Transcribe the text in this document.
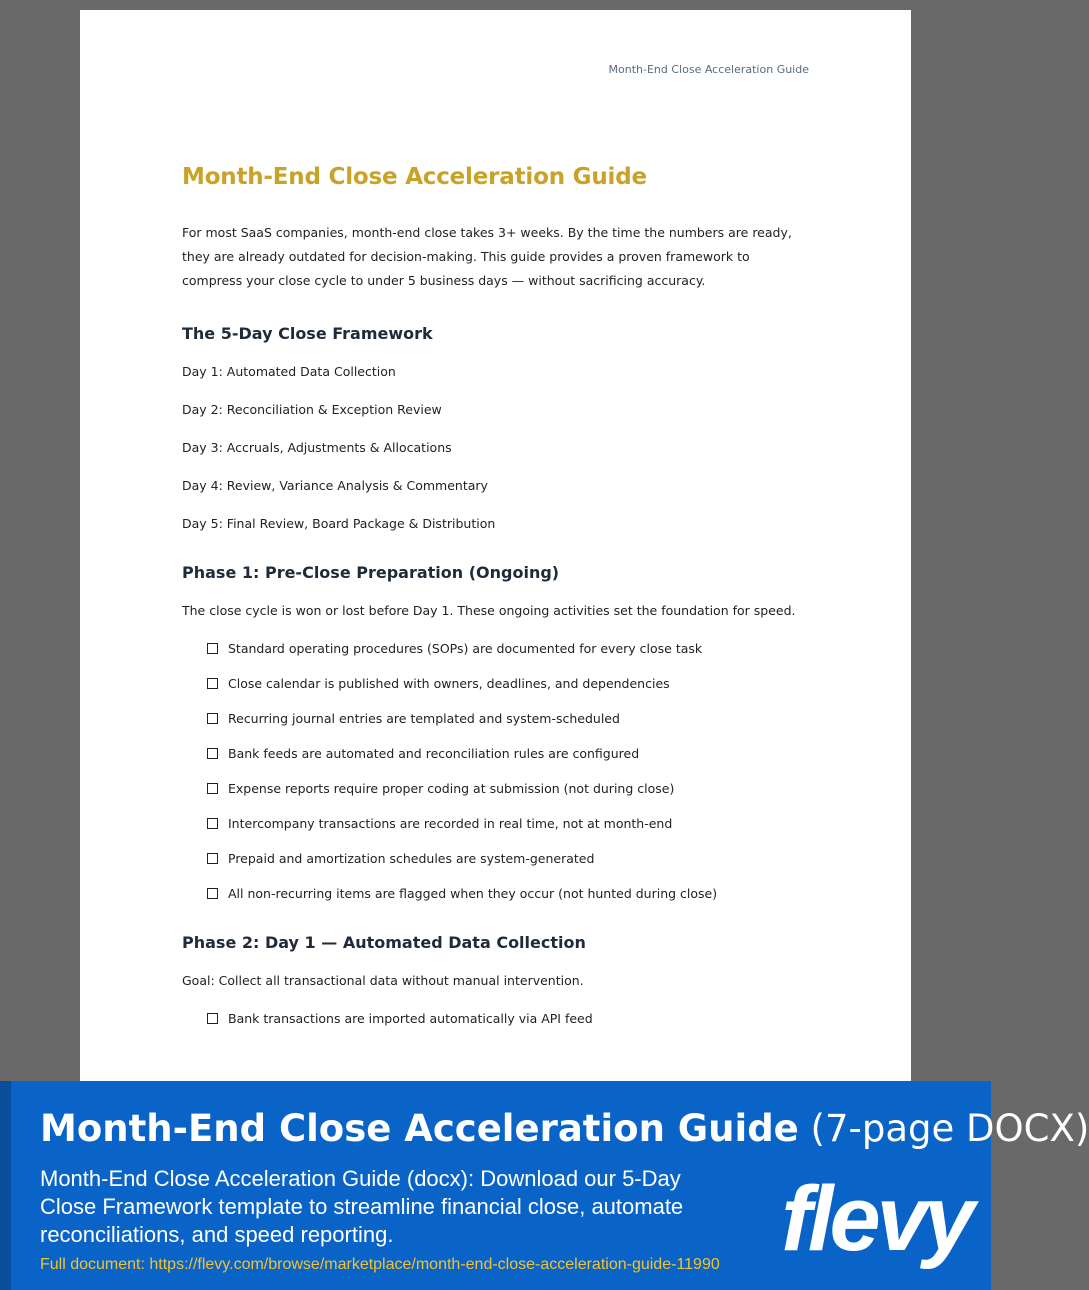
Month-End Close Acceleration Guide
Month-End Close Acceleration Guide

For most SaaS companies, month-end close takes 3+ weeks. By the time the numbers are ready, they are already outdated for decision-making. This guide provides a proven framework to compress your close cycle to under 5 business days — without sacrificing accuracy.

The 5-Day Close Framework
Day 1: Automated Data Collection
Day 2: Reconciliation & Exception Review
Day 3: Accruals, Adjustments & Allocations
Day 4: Review, Variance Analysis & Commentary
Day 5: Final Review, Board Package & Distribution
Phase 1: Pre-Close Preparation (Ongoing)

The close cycle is won or lost before Day 1. These ongoing activities set the foundation for speed.

Standard operating procedures (SOPs) are documented for every close task
Close calendar is published with owners, deadlines, and dependencies
Recurring journal entries are templated and system-scheduled
Bank feeds are automated and reconciliation rules are configured
Expense reports require proper coding at submission (not during close)
Intercompany transactions are recorded in real time, not at month-end
Prepaid and amortization schedules are system-generated
All non-recurring items are flagged when they occur (not hunted during close)
Phase 2: Day 1 — Automated Data Collection

Goal: Collect all transactional data without manual intervention.

Bank transactions are imported automatically via API feed
Month-End Close Acceleration Guide (7-page DOCX)
Month-End Close Acceleration Guide (docx): Download our 5-Day Close Framework template to streamline financial close, automate reconciliations, and speed reporting.
Full document: https://flevy.com/browse/marketplace/month-end-close-acceleration-guide-11990 flevy
